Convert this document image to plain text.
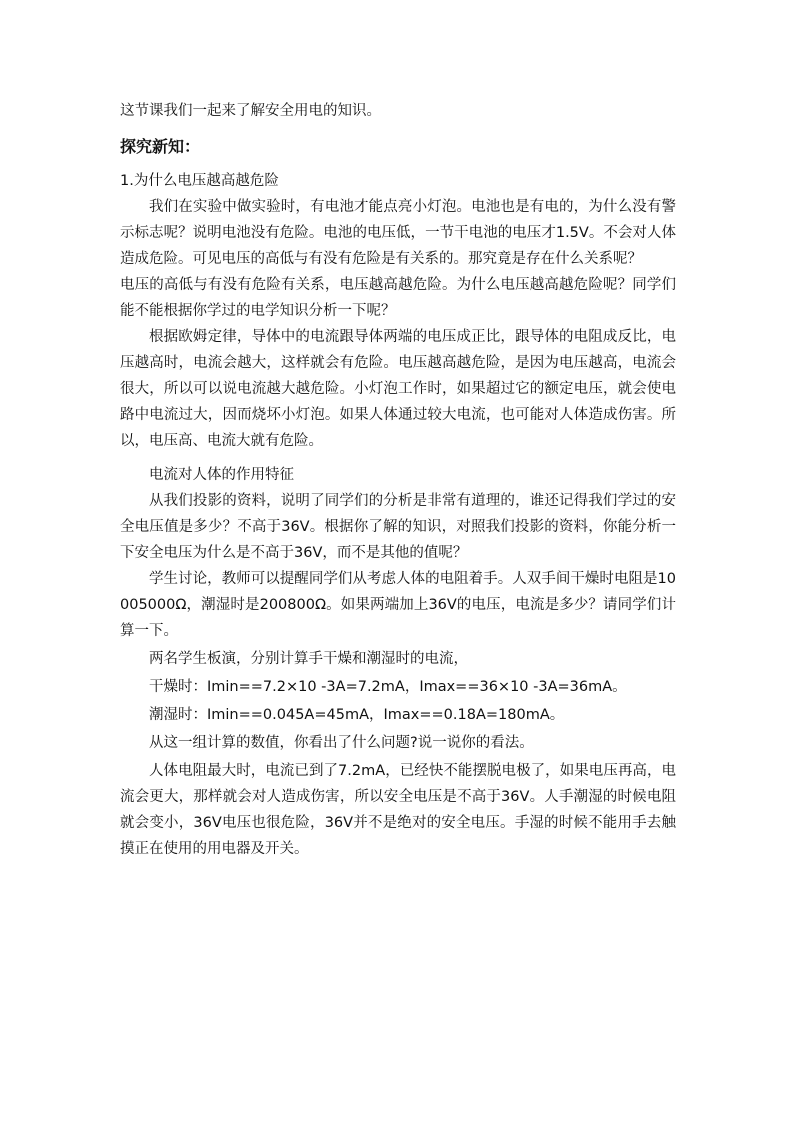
这节课我们一起来了解安全用电的知识。

探究新知：

1.为什么电压越高越危险

我们在实验中做实验时，有电池才能点亮小灯泡。电池也是有电的，为什么没有警示标志呢？说明电池没有危险。电池的电压低，一节干电池的电压才1.5V。不会对人体造成危险。可见电压的高低与有没有危险是有关系的。那究竟是存在什么关系呢？

电压的高低与有没有危险有关系，电压越高越危险。为什么电压越高越危险呢？同学们能不能根据你学过的电学知识分析一下呢？

根据欧姆定律，导体中的电流跟导体两端的电压成正比，跟导体的电阻成反比，电压越高时，电流会越大，这样就会有危险。电压越高越危险，是因为电压越高，电流会很大，所以可以说电流越大越危险。小灯泡工作时，如果超过它的额定电压，就会使电路中电流过大，因而烧坏小灯泡。如果人体通过较大电流，也可能对人体造成伤害。所以，电压高、电流大就有危险。

电流对人体的作用特征

从我们投影的资料，说明了同学们的分析是非常有道理的，谁还记得我们学过的安全电压值是多少？不高于36V。根据你了解的知识，对照我们投影的资料，你能分析一下安全电压为什么是不高于36V，而不是其他的值呢？

学生讨论，教师可以提醒同学们从考虑人体的电阻着手。人双手间干燥时电阻是10005000Ω，潮湿时是200800Ω。如果两端加上36V的电压，电流是多少？请同学们计算一下。

两名学生板演，分别计算手干燥和潮湿时的电流，

干燥时：Imin==7.2×10 -3A=7.2mA，Imax==36×10 -3A=36mA。

潮湿时：Imin==0.045A=45mA，Imax==0.18A=180mA。

从这一组计算的数值，你看出了什么问题?说一说你的看法。

人体电阻最大时，电流已到了7.2mA，已经快不能摆脱电极了，如果电压再高，电流会更大，那样就会对人造成伤害，所以安全电压是不高于36V。人手潮湿的时候电阻就会变小，36V电压也很危险，36V并不是绝对的安全电压。手湿的时候不能用手去触摸正在使用的用电器及开关。
